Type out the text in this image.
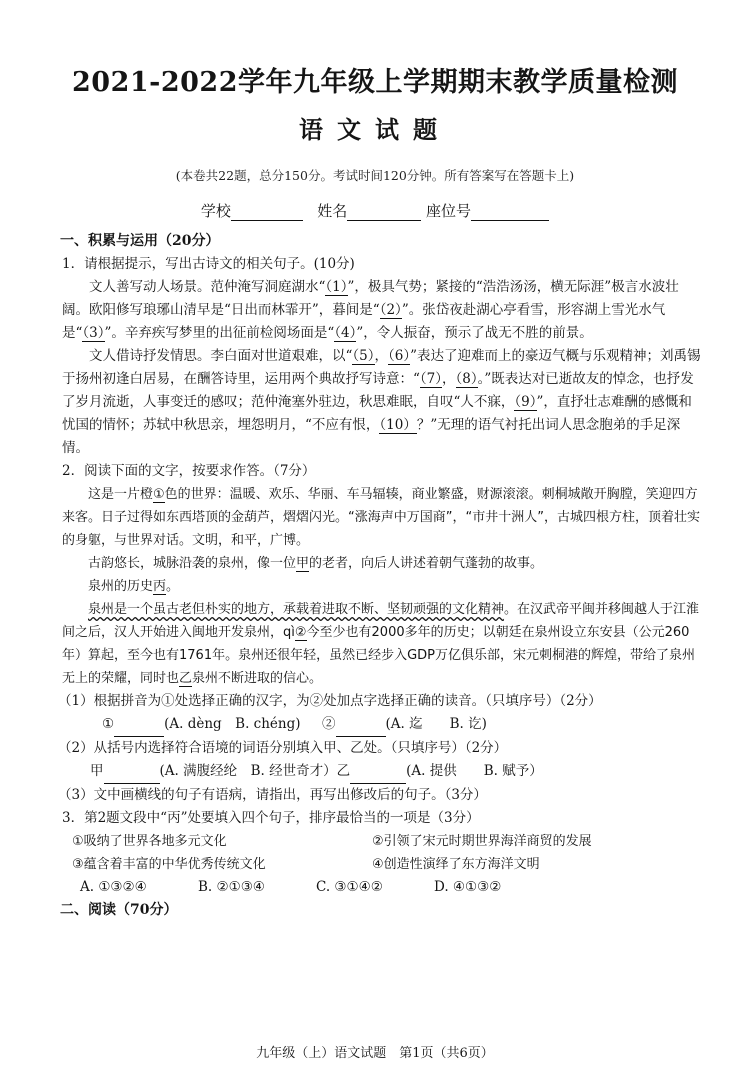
2021-2022学年九年级上学期期末教学质量检测
语文试题
(本卷共22题，总分150分。考试时间120分钟。所有答案写在答题卡上)
学校	姓名	座位号
一、积累与运用（20分）
1．请根据提示，写出古诗文的相关句子。(10分)

文人善写动人场景。范仲淹写洞庭湖水“（1）”，极具气势；紧接的“浩浩汤汤，横无际涯”极言水波壮阔。欧阳修写琅琊山清早是“日出而林霏开”，暮间是“（2）”。张岱夜赴湖心亭看雪，形容湖上雪光水气是“（3）”。辛弃疾写梦里的出征前检阅场面是“（4）”，令人振奋，预示了战无不胜的前景。

文人借诗抒发情思。李白面对世道艰难，以“（5），（6）”表达了迎难而上的豪迈气概与乐观精神；刘禹锡于扬州初逢白居易，在酬答诗里，运用两个典故抒写诗意：“（7），（8）。”既表达对已逝故友的悼念，也抒发了岁月流逝，人事变迁的感叹；范仲淹塞外驻边，秋思难眠，自叹“人不寐，（9）”，直抒壮志难酬的感慨和忧国的情怀；苏轼中秋思亲，埋怨明月，“不应有恨，（10）？”无理的语气衬托出词人思念胞弟的手足深情。

2．阅读下面的文字，按要求作答。（7分）

这是一片橙①色的世界：温暖、欢乐、华丽、车马辐辏，商业繁盛，财源滚滚。刺桐城敞开胸膛，笑迎四方来客。日子过得如东西塔顶的金葫芦，熠熠闪光。“涨海声中万国商”，“市井十洲人”，古城四根方柱，顶着壮实的身躯，与世界对话。文明，和平，广博。

古韵悠长，城脉沿袭的泉州，像一位甲的老者，向后人讲述着朝气蓬勃的故事。

泉州的历史丙。

泉州是一个虽古老但朴实的地方，承载着进取不断、坚韧顽强的文化精神。在汉武帝平闽并移闽越人于江淮间之后，汉人开始进入闽地开发泉州，qì②今至少也有2000多年的历史；以朝廷在泉州设立东安县（公元260年）算起，至今也有1761年。泉州还很年轻，虽然已经步入GDP万亿俱乐部，宋元刺桐港的辉煌，带给了泉州无上的荣耀，同时也乙泉州不断进取的信心。

（1）根据拼音为①处选择正确的汉字，为②处加点字选择正确的读音。（只填序号）（2分）
①	(A. dèng　B. chéng) ②	(A. 迄　　B. 讫)
（2）从括号内选择符合语境的词语分别填入甲、乙处。（只填序号）（2分）
甲	(A. 满腹经纶　B. 经世奇才）乙	(A. 提供　　B. 赋予）
（3）文中画横线的句子有语病，请指出，再写出修改后的句子。（3分）
3．第2题文段中“丙”处要填入四个句子，排序最恰当的一项是（3分）
①吸纳了世界各地多元文化	②引领了宋元时期世界海洋商贸的发展
③蕴含着丰富的中华优秀传统文化	④创造性演绎了东方海洋文明
A. ①③②④	B. ②①③④	C. ③①④②	D. ④①③②
二、阅读（70分）
九年级（上）语文试题　第1页（共6页）
